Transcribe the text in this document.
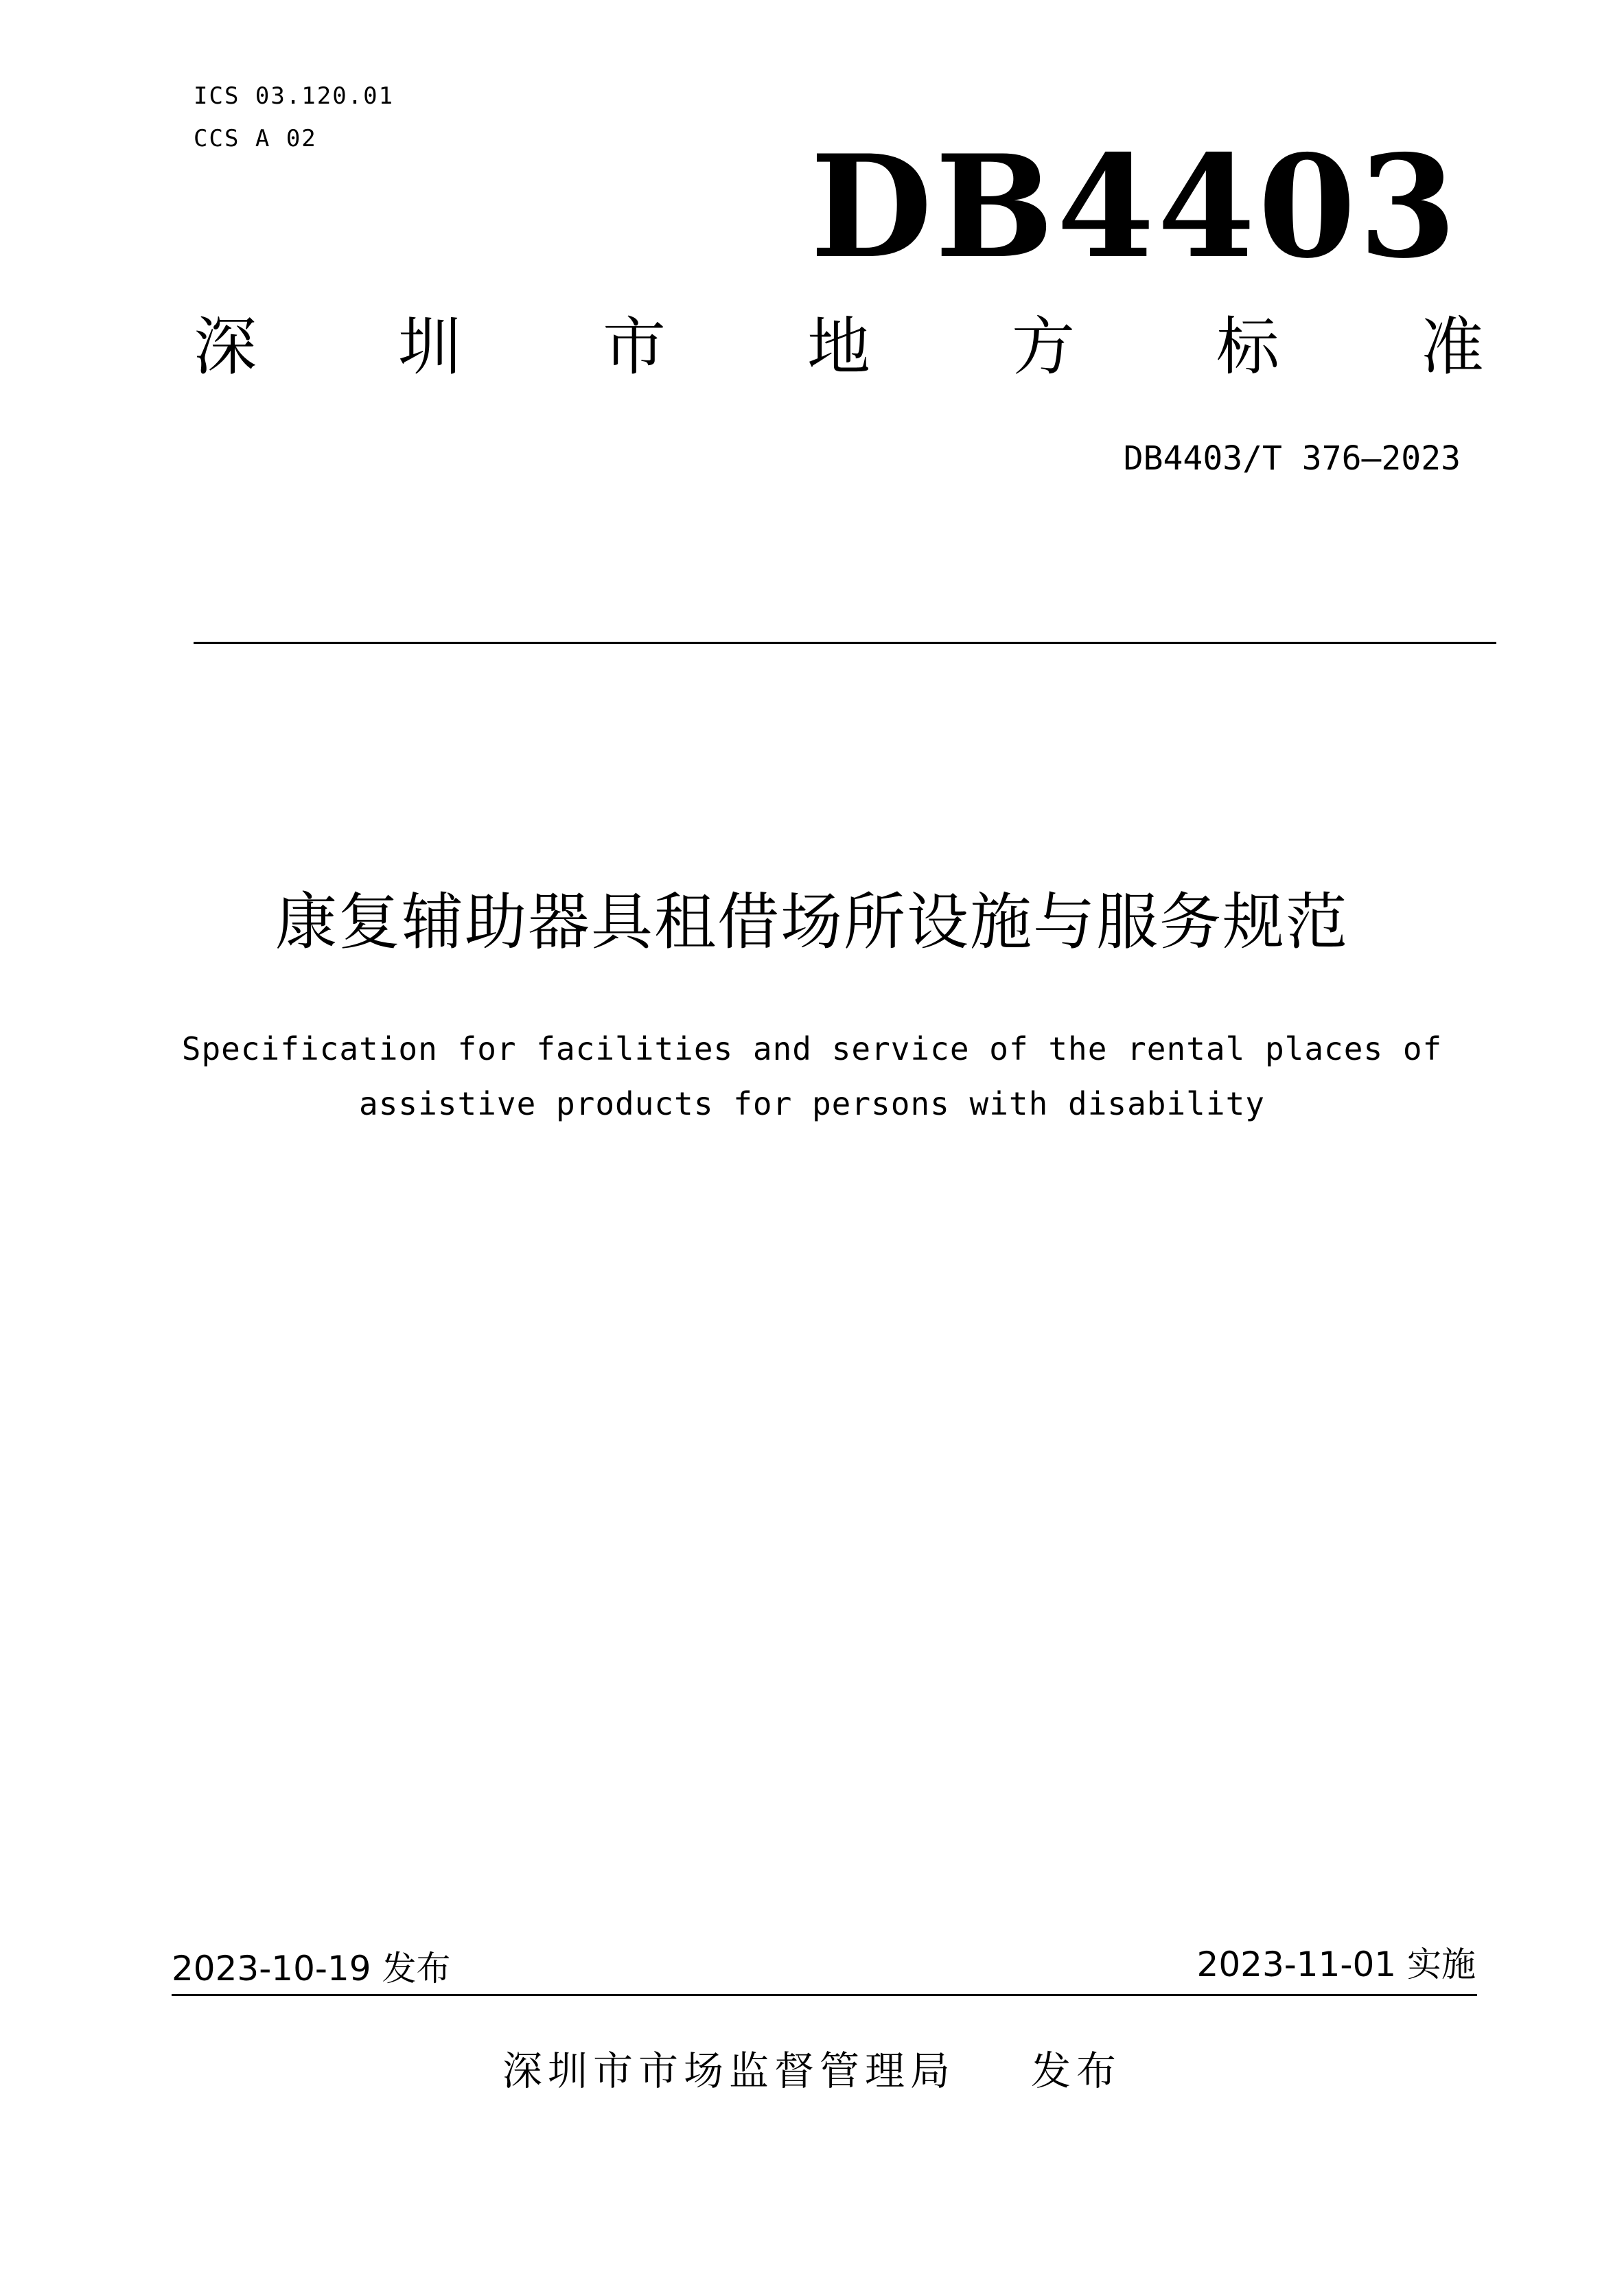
ICS 03.120.01
CCS A 02	DB4403
深 圳 市 地 方 标 准
DB4403/T 376—2023
康复辅助器具租借场所设施与服务规范
Specification for facilities and service of the rental places of
assistive products for persons with disability
2023-10-19 发布	2023-11-01 实施
深圳市市场监督管理局 发布
